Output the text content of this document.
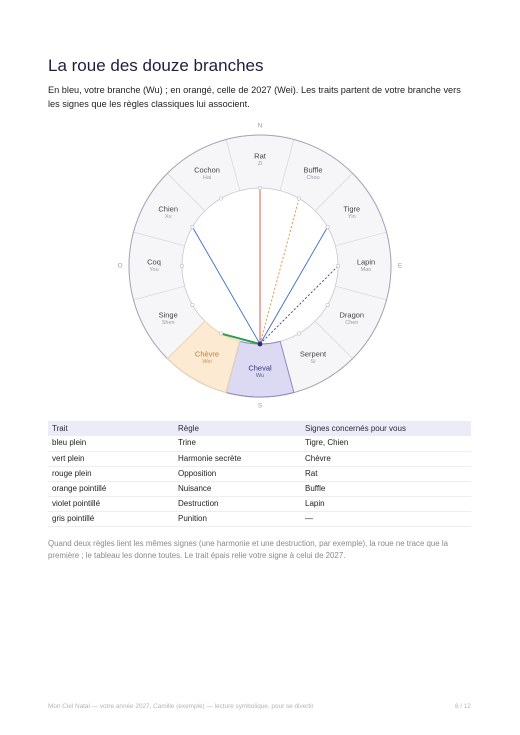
La roue des douze branches

En bleu, votre branche (Wu) ; en orangé, celle de 2027 (Wei). Les traits partent de votre branche vers les signes que les règles classiques lui associent.

Rat
Zi
Buffle
Chou
Tigre
Yin
Lapin
Mao
Dragon
Chen
Serpent
Si
Cheval
Wu
Chèvre
Wei
Singe
Shen
Coq
You
Chien
Xu
Cochon
Hai
N
E
S
O
Trait	Règle	Signes concernés pour vous
bleu plein	Trine	Tigre, Chien
vert plein	Harmonie secrète	Chèvre
rouge plein	Opposition	Rat
orange pointillé	Nuisance	Buffle
violet pointillé	Destruction	Lapin
gris pointillé	Punition	—

Quand deux règles lient les mêmes signes (une harmonie et une destruction, par exemple), la roue ne trace que la première ; le tableau les donne toutes. Le trait épais relie votre signe à celui de 2027.

Mon Ciel Natal — votre année 2027, Camille (exemple) — lecture symbolique, pour se divertir	6 / 12
